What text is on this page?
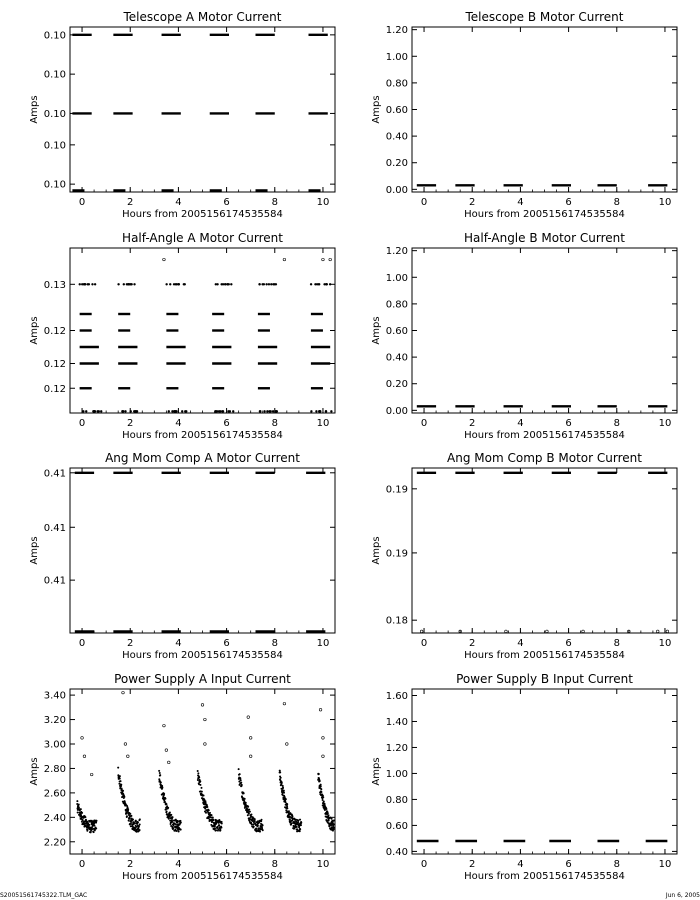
Telescope A Motor Current
Hours from 2005156174535584
Amps
0	2	4	6	8	10
0.10
0.10
0.10
0.10
0.10
Telescope B Motor Current
Hours from 2005156174535584
Amps
0	2	4	6	8	10
0.00
0.20
0.40
0.60
0.80
1.00
1.20
Half-Angle A Motor Current
Hours from 2005156174535584
Amps
0	2	4	6	8	10
0.12
0.12
0.12
0.13
Half-Angle B Motor Current
Hours from 2005156174535584
Amps
0	2	4	6	8	10
0.00
0.20
0.40
0.60
0.80
1.00
1.20
Ang Mom Comp A Motor Current
Hours from 2005156174535584
Amps
0	2	4	6	8	10
0.41
0.41
0.41
Ang Mom Comp B Motor Current
Hours from 2005156174535584
Amps
0	2	4	6	8	10
0.18
0.19
0.19
Power Supply A Input Current
Hours from 2005156174535584
Amps
0	2	4	6	8	10
2.20
2.40
2.60
2.80
3.00
3.20
3.40
Power Supply B Input Current
Hours from 2005156174535584
Amps
0	2	4	6	8	10
0.40
0.60
0.80
1.00
1.20
1.40
1.60
S20051561745322.TLM_GAC	Jun 6, 2005
